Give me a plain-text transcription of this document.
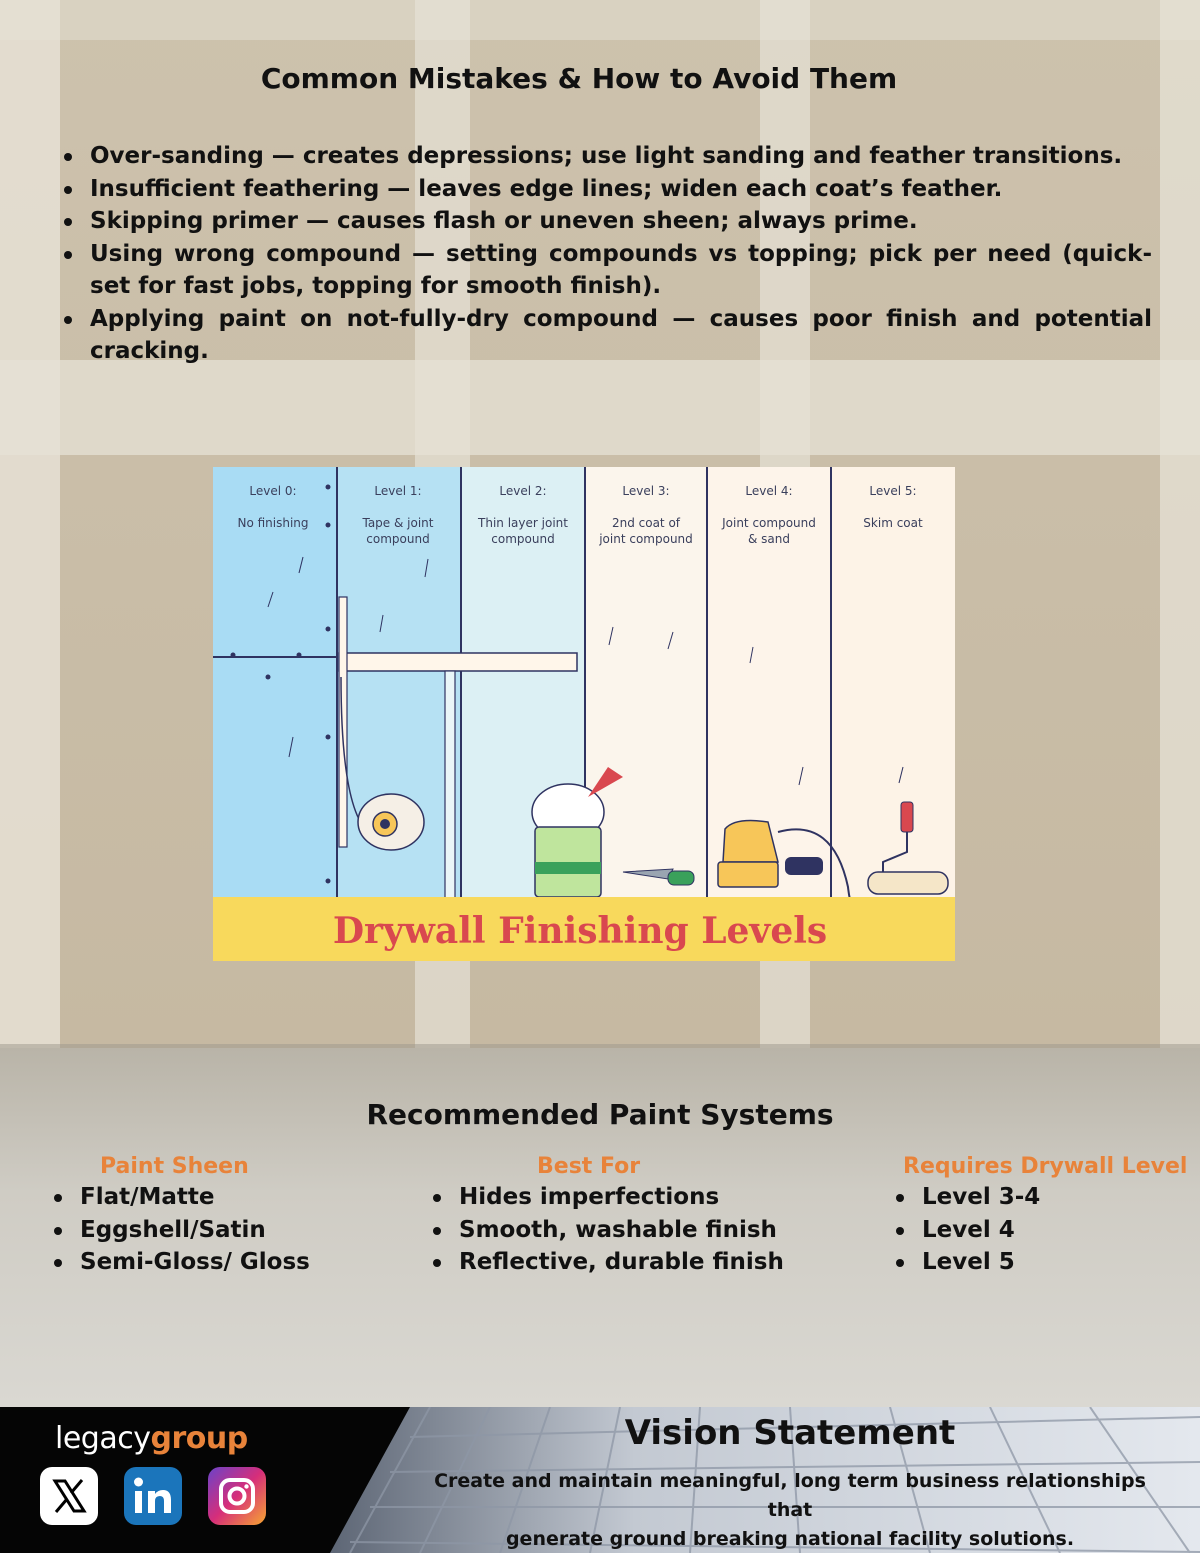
Common Mistakes & How to Avoid Them
Over-sanding — creates depressions; use light sanding and feather transitions.
Insufficient feathering — leaves edge lines; widen each coat’s feather.
Skipping primer — causes flash or uneven sheen; always prime.
Using wrong compound — setting compounds vs topping; pick per need (quick-set for fast jobs, topping for smooth finish).
Applying paint on not-fully-dry compound — causes poor finish and potential cracking.
Drywall Finishing Levels
Level 0:
No finishing
Level 1:
Tape & joint
compound
Level 2:
Thin layer joint
compound
Level 3:
2nd coat of
joint compound
Level 4:
Joint compound
& sand
Level 5:
Skim coat
Recommended Paint Systems
Paint Sheen
Flat/Matte
Eggshell/Satin
Semi-Gloss/ Gloss
Best For
Hides imperfections
Smooth, washable finish
Reflective, durable finish
Requires Drywall Level
Level 3-4
Level 4
Level 5
legacygroup	Vision Statement
Create and maintain meaningful, long term business relationships that
generate ground breaking national facility solutions.
